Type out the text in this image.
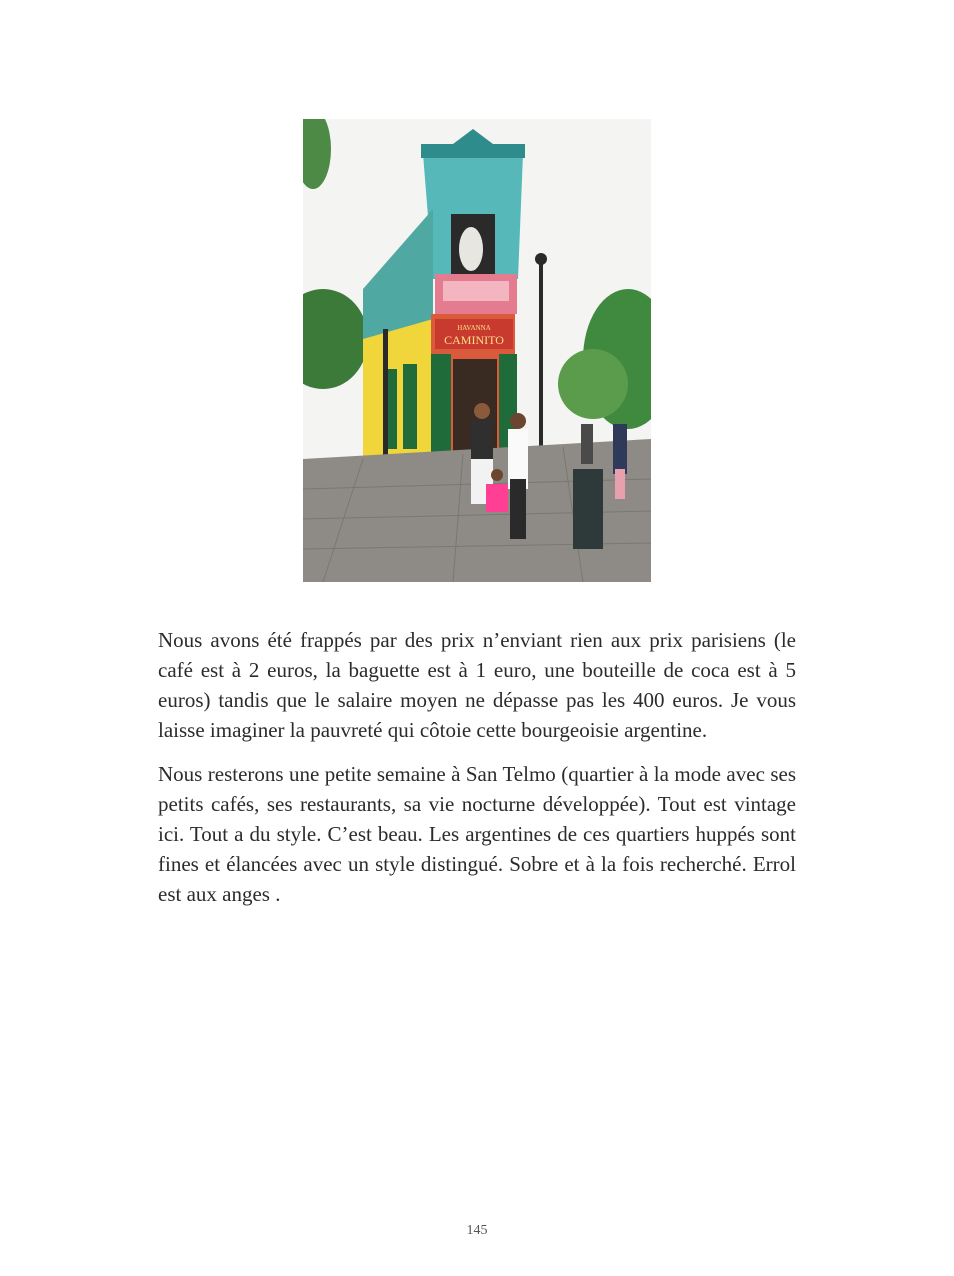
HAVANNA
CAMINITO

Nous avons été frappés par des prix n’enviant rien aux prix parisiens (le café est à 2 euros, la baguette est à 1 euro, une bouteille de coca est à 5 euros) tandis que le salaire moyen ne dépasse pas les 400 euros. Je vous laisse imaginer la pauvreté qui côtoie cette bourgeoisie argentine.

Nous resterons une petite semaine à San Telmo (quartier à la mode avec ses petits cafés, ses restaurants, sa vie nocturne développée). Tout est vintage ici. Tout a du style. C’est beau. Les argentines de ces quartiers huppés sont fines et élancées avec un style distingué. Sobre et à la fois recherché. Errol est aux anges .

145
